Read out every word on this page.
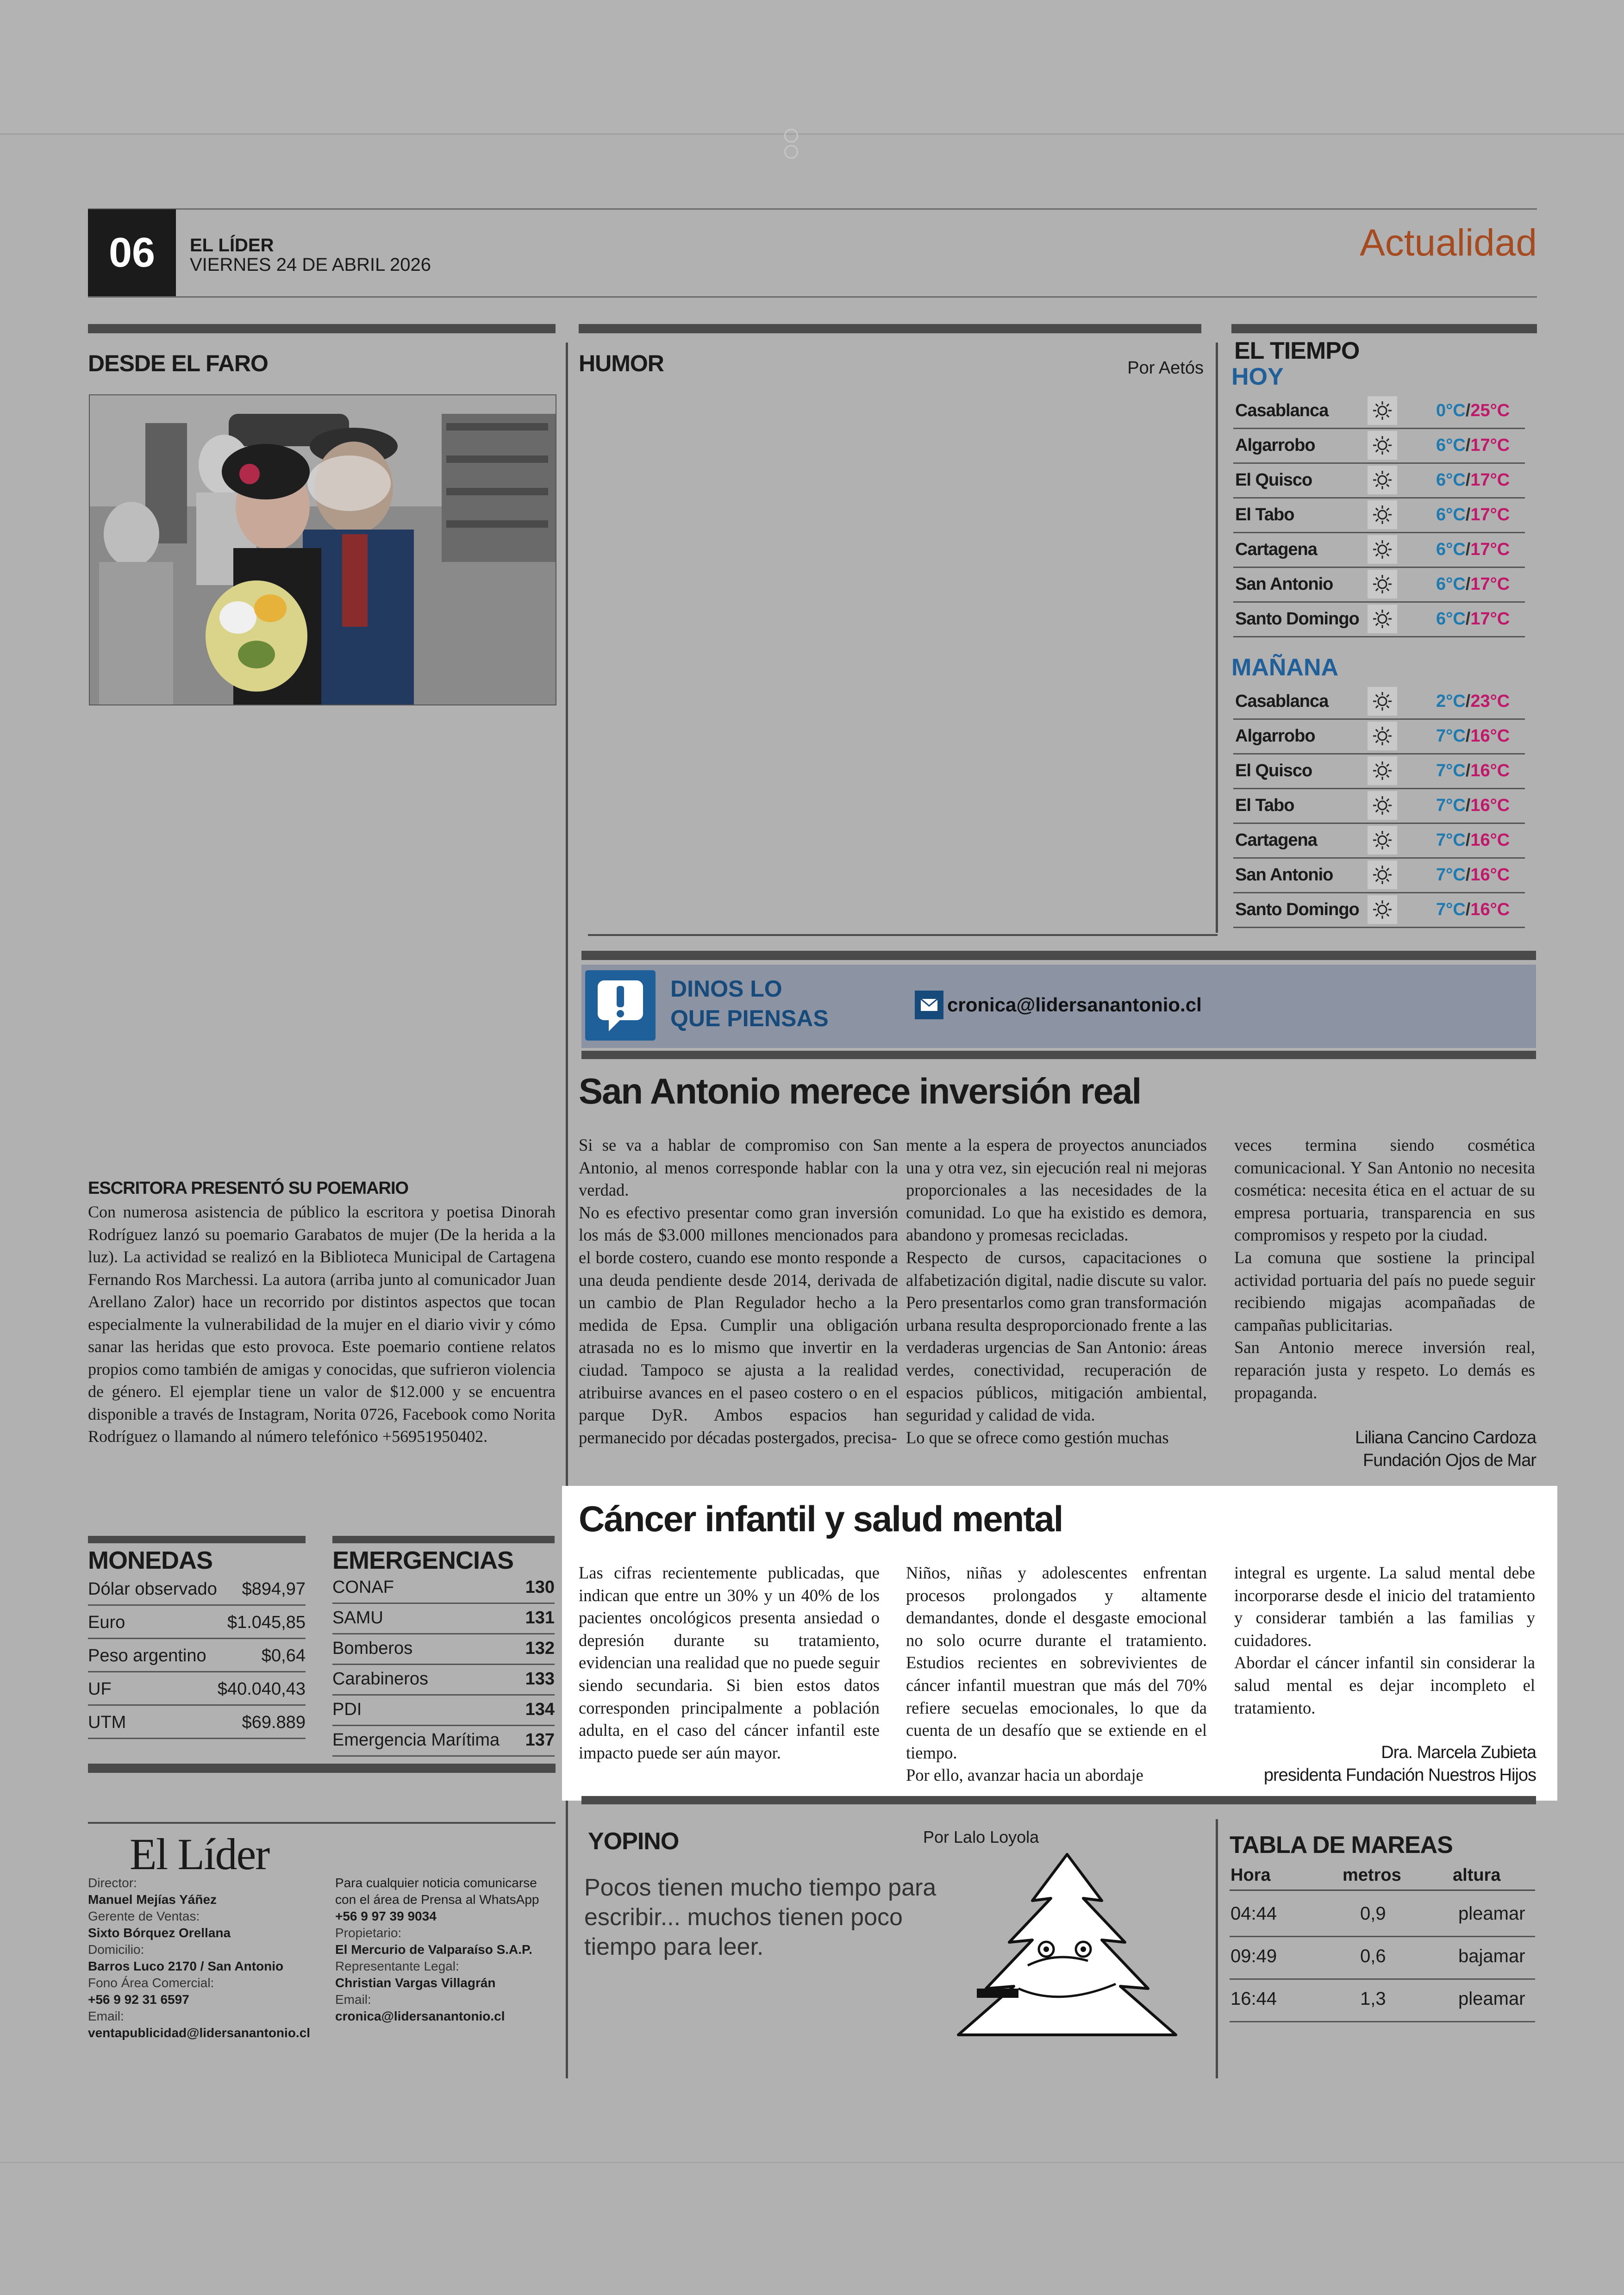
06	EL LÍDER
VIERNES 24 DE ABRIL 2026
Actualidad
DESDE EL FARO
ESCRITORA PRESENTÓ SU POEMARIO
Con numerosa asistencia de público la escritora y poetisa Dinorah Rodríguez lanzó su poemario Garabatos de mujer (De la herida a la luz). La actividad se realizó en la Biblioteca Municipal de Cartagena Fernando Ros Marchessi. La autora (arriba junto al comunicador Juan Arellano Zalor) hace un recorrido por distintos aspectos que tocan especialmente la vulnerabilidad de la mujer en el diario vivir y cómo sanar las heridas que esto provoca. Este poemario contiene relatos propios como también de amigas y conocidas, que sufrieron violencia de género. El ejemplar tiene un valor de $12.000 y se encuentra disponible a través de Instagram, Norita 0726, Facebook como Norita Rodríguez o llamando al número telefónico +56951950402.
HUMOR	Por Aetós
EL TIEMPO
HOY
MAÑANA
Casablanca	0°C/25°C
Algarrobo	6°C/17°C
El Quisco	6°C/17°C
El Tabo	6°C/17°C
Cartagena	6°C/17°C
San Antonio	6°C/17°C
Santo Domingo	6°C/17°C
Casablanca	2°C/23°C
Algarrobo	7°C/16°C
El Quisco	7°C/16°C
El Tabo	7°C/16°C
Cartagena	7°C/16°C
San Antonio	7°C/16°C
Santo Domingo	7°C/16°C
DINOS LO
QUE PIENSAS
cronica@lidersanantonio.cl
San Antonio merece inversión real

Si se va a hablar de compromiso con San Antonio, al menos corresponde hablar con la verdad.

No es efectivo presentar como gran inversión los más de $3.000 millones mencionados para el borde costero, cuando ese monto responde a una deuda pendiente desde 2014, derivada de un cambio de Plan Regulador hecho a la medida de Epsa. Cumplir una obligación atrasada no es lo mismo que invertir en la ciudad. Tampoco se ajusta a la realidad atribuirse avances en el paseo costero o en el parque DyR. Ambos espacios han permanecido por décadas postergados, precisa-

mente a la espera de proyectos anunciados una y otra vez, sin ejecución real ni mejoras proporcionales a las necesidades de la comunidad. Lo que ha existido es demora, abandono y promesas recicladas.

Respecto de cursos, capacitaciones o alfabetización digital, nadie discute su valor. Pero presentarlos como gran transformación urbana resulta desproporcionado frente a las verdaderas urgencias de San Antonio: áreas verdes, conectividad, recuperación de espacios públicos, mitigación ambiental, seguridad y calidad de vida.

Lo que se ofrece como gestión muchas

veces termina siendo cosmética comunicacional. Y San Antonio no necesita cosmética: necesita ética en el actuar de su empresa portuaria, transparencia en sus compromisos y respeto por la ciudad.

La comuna que sostiene la principal actividad portuaria del país no puede seguir recibiendo migajas acompañadas de campañas publicitarias.

San Antonio merece inversión real, reparación justa y respeto. Lo demás es propaganda.

Liliana Cancino Cardoza
Fundación Ojos de Mar
Cáncer infantil y salud mental

Las cifras recientemente publicadas, que indican que entre un 30% y un 40% de los pacientes oncológicos presenta ansiedad o depresión durante su tratamiento, evidencian una realidad que no puede seguir siendo secundaria. Si bien estos datos corresponden principalmente a población adulta, en el caso del cáncer infantil este impacto puede ser aún mayor.

Niños, niñas y adolescentes enfrentan procesos prolongados y altamente demandantes, donde el desgaste emocional no solo ocurre durante el tratamiento. Estudios recientes en sobrevivientes de cáncer infantil muestran que más del 70% refiere secuelas emocionales, lo que da cuenta de un desafío que se extiende en el tiempo.

Por ello, avanzar hacia un abordaje

integral es urgente. La salud mental debe incorporarse desde el inicio del tratamiento y considerar también a las familias y cuidadores.

Abordar el cáncer infantil sin considerar la salud mental es dejar incompleto el tratamiento.

Dra. Marcela Zubieta
presidenta Fundación Nuestros Hijos
MONEDAS
Dólar observado $894,97
Euro	$1.045,85
Peso argentino	$0,64
UF	$40.040,43
UTM	$69.889
EMERGENCIAS
CONAF	130
SAMU	131
Bomberos	132
Carabineros	133
PDI	134
Emergencia Marítima 137
El Líder
Director:
Manuel Mejías Yáñez
Gerente de Ventas:
Sixto Bórquez Orellana
Domicilio:
Barros Luco 2170 / San Antonio
Fono Área Comercial:
+56 9 92 31 6597
Email:
ventapublicidad@lidersanantonio.cl
Para cualquier noticia comunicarse
con el área de Prensa al WhatsApp
+56 9 97 39 9034
Propietario:
El Mercurio de Valparaíso S.A.P.
Representante Legal:
Christian Vargas Villagrán
Email:
cronica@lidersanantonio.cl
YOPINO	Por Lalo Loyola
Pocos tienen mucho tiempo para
escribir... muchos tienen poco
tiempo para leer.
TABLA DE MAREAS
Hora	metros	altura
04:44	0,9	pleamar
09:49	0,6	bajamar
16:44	1,3	pleamar
